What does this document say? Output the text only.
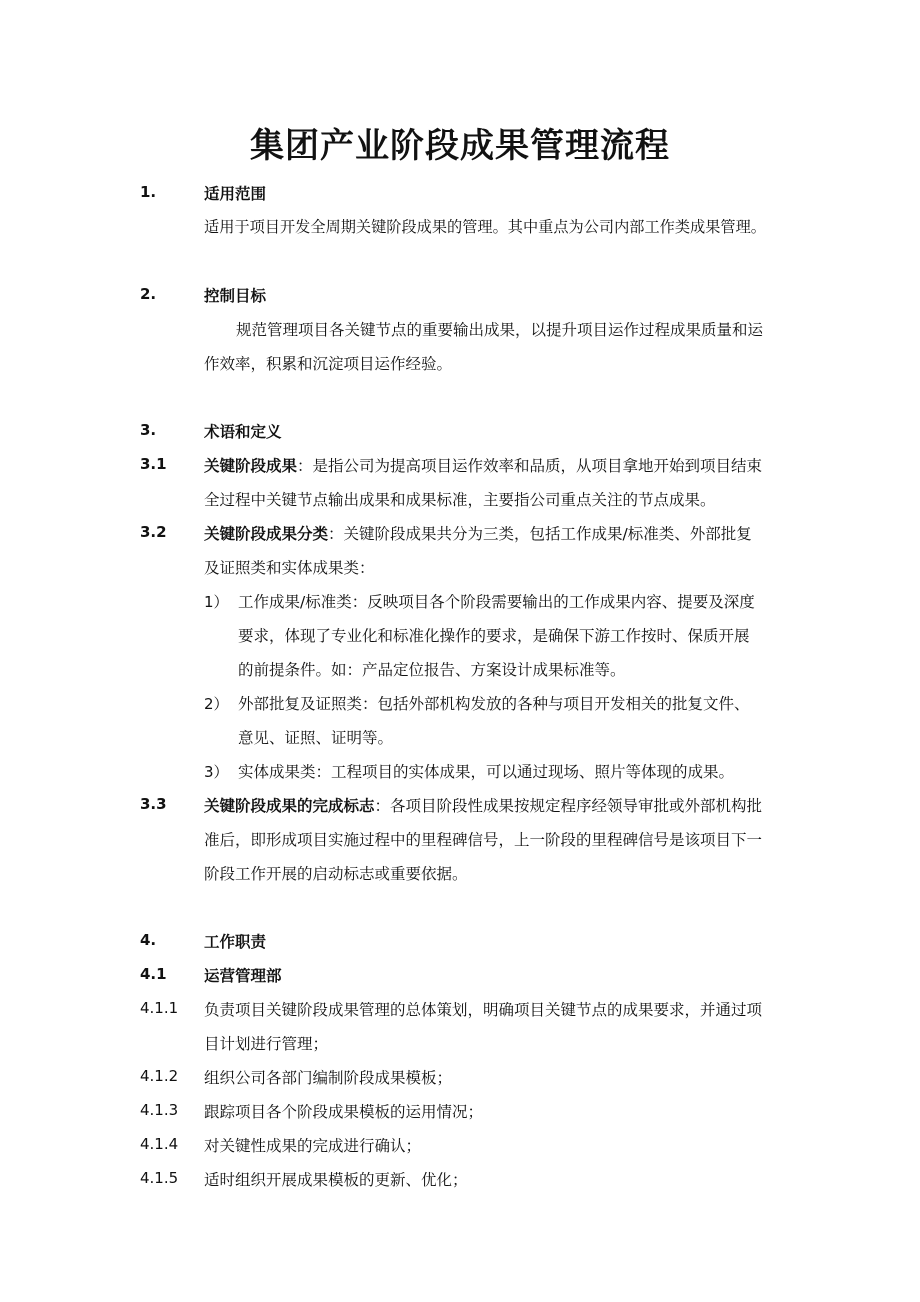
集团产业阶段成果管理流程
1.	适用范围
适用于项目开发全周期关键阶段成果的管理。其中重点为公司内部工作类成果管理。
2.	控制目标
规范管理项目各关键节点的重要输出成果，以提升项目运作过程成果质量和运
作效率，积累和沉淀项目运作经验。
3.	术语和定义
3.1 关键阶段成果：是指公司为提高项目运作效率和品质，从项目拿地开始到项目结束
全过程中关键节点输出成果和成果标准，主要指公司重点关注的节点成果。
3.2 关键阶段成果分类：关键阶段成果共分为三类，包括工作成果/标准类、外部批复
及证照类和实体成果类：
1） 工作成果/标准类：反映项目各个阶段需要输出的工作成果内容、提要及深度
要求，体现了专业化和标准化操作的要求，是确保下游工作按时、保质开展
的前提条件。如：产品定位报告、方案设计成果标准等。
2） 外部批复及证照类：包括外部机构发放的各种与项目开发相关的批复文件、
意见、证照、证明等。
3） 实体成果类：工程项目的实体成果，可以通过现场、照片等体现的成果。
3.3 关键阶段成果的完成标志：各项目阶段性成果按规定程序经领导审批或外部机构批
准后，即形成项目实施过程中的里程碑信号，上一阶段的里程碑信号是该项目下一
阶段工作开展的启动标志或重要依据。
4.	工作职责
4.1 运营管理部
4.1.1 负责项目关键阶段成果管理的总体策划，明确项目关键节点的成果要求，并通过项
目计划进行管理；
4.1.2 组织公司各部门编制阶段成果模板；
4.1.3 跟踪项目各个阶段成果模板的运用情况；
4.1.4 对关键性成果的完成进行确认；
4.1.5 适时组织开展成果模板的更新、优化；
